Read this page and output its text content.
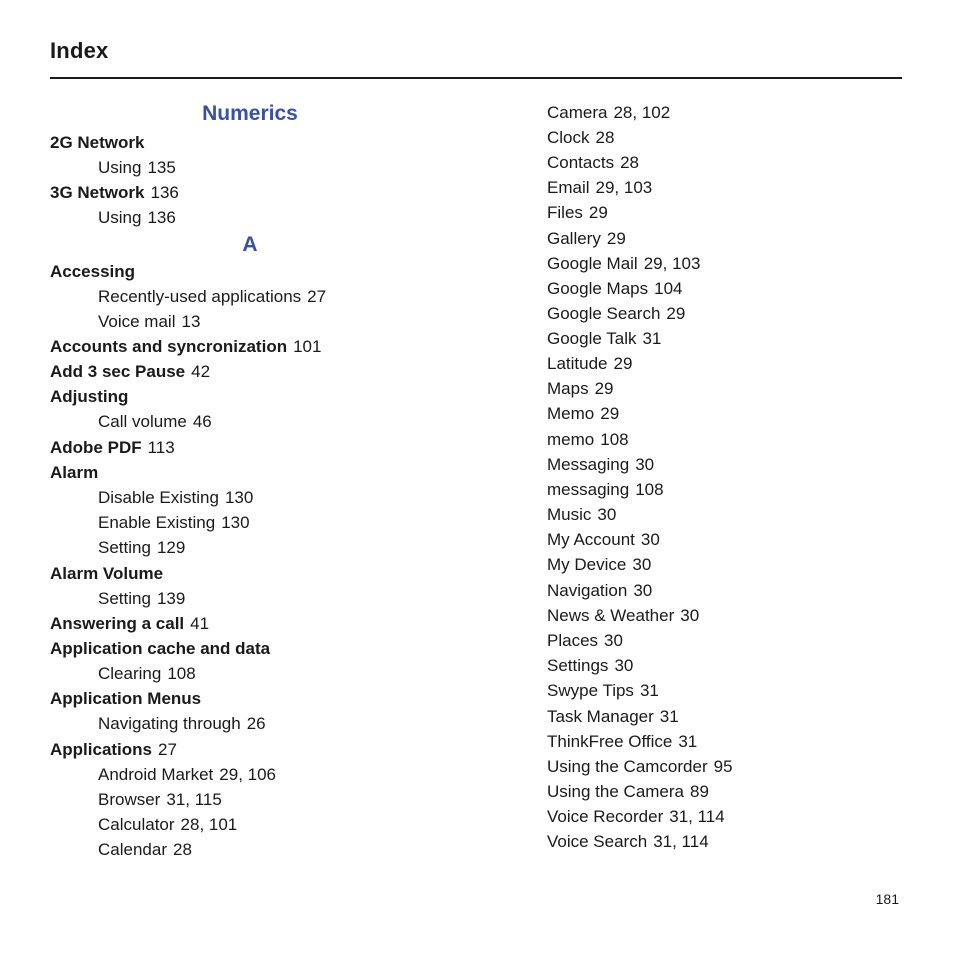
Index
Numerics
A
2G Network
Using 135
3G Network 136
Using 136
Accessing
Recently-used applications 27
Voice mail 13
Accounts and syncronization 101
Add 3 sec Pause 42
Adjusting
Call volume 46
Adobe PDF 113
Alarm
Disable Existing 130
Enable Existing 130
Setting 129
Alarm Volume
Setting 139
Answering a call 41
Application cache and data
Clearing 108
Application Menus
Navigating through 26
Applications 27
Android Market 29, 106
Browser 31, 115
Calculator 28, 101
Calendar 28
Camera 28, 102
Clock 28
Contacts 28
Email 29, 103
Files 29
Gallery 29
Google Mail 29, 103
Google Maps 104
Google Search 29
Google Talk 31
Latitude 29
Maps 29
Memo 29
memo 108
Messaging 30
messaging 108
Music 30
My Account 30
My Device 30
Navigation 30
News & Weather 30
Places 30
Settings 30
Swype Tips 31
Task Manager 31
ThinkFree Office 31
Using the Camcorder 95
Using the Camera 89
Voice Recorder 31, 114
Voice Search 31, 114
181
